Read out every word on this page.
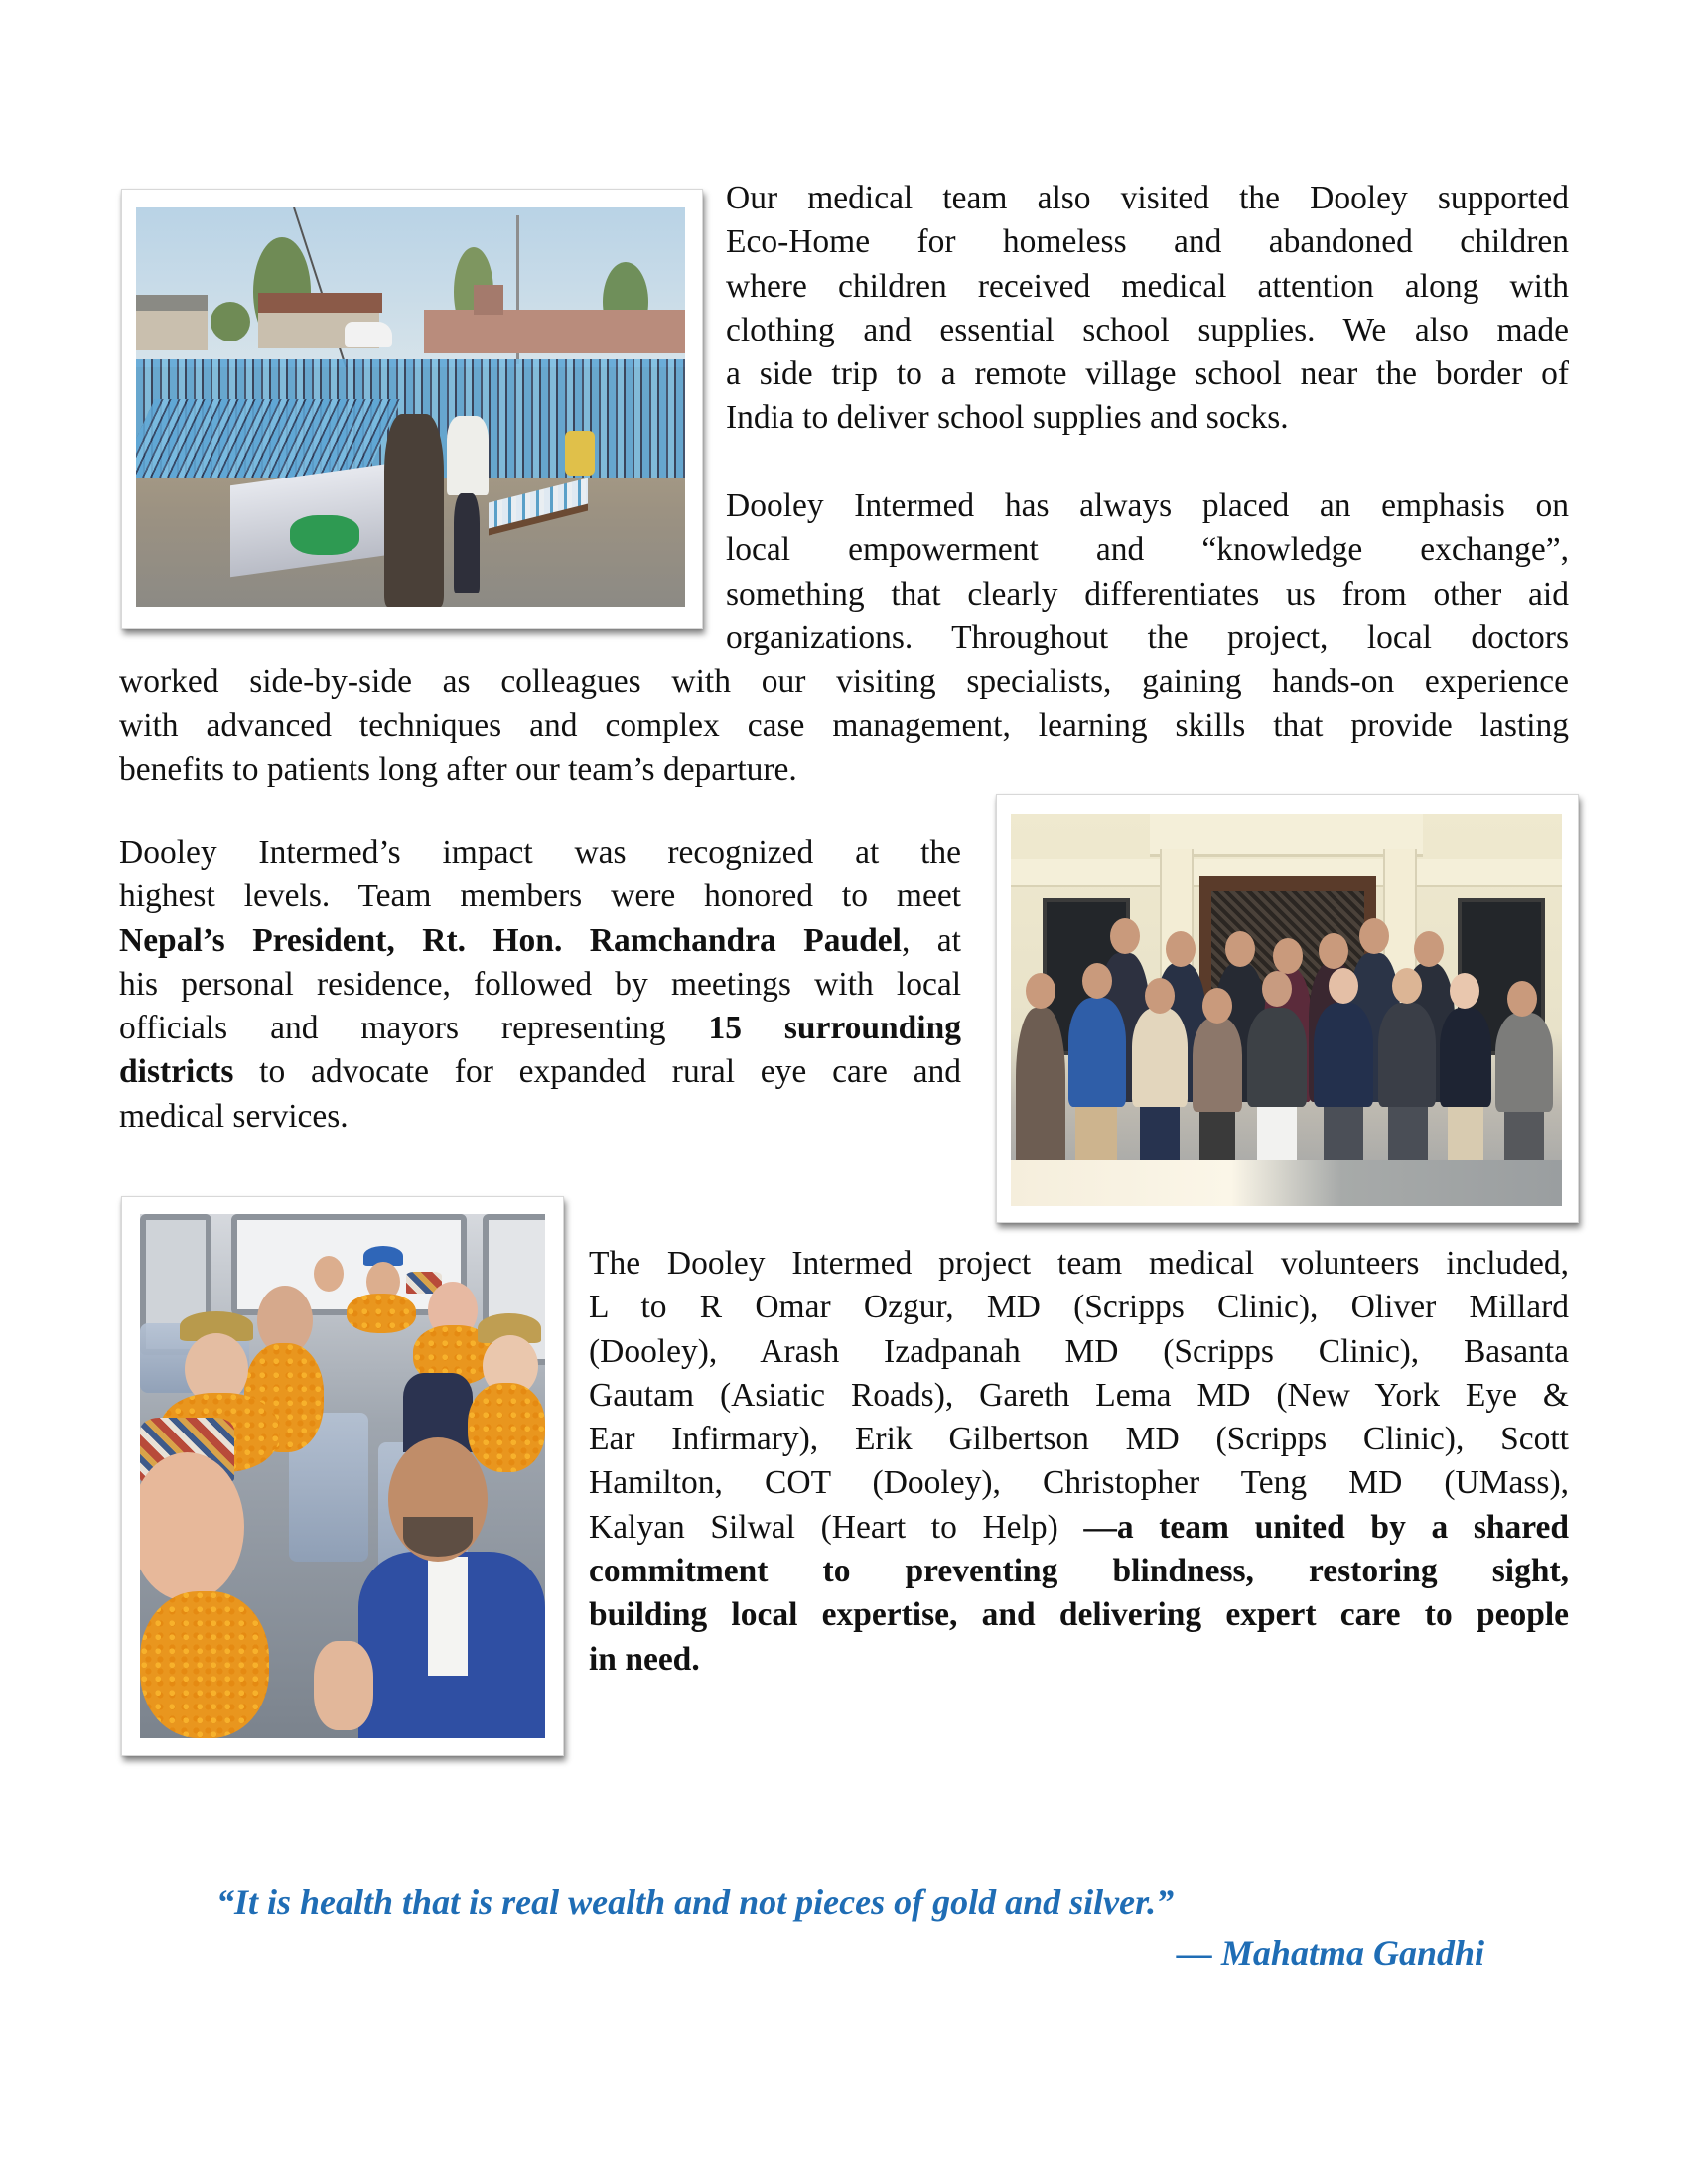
Our medical team also visited the Dooley supported
Eco-Home for homeless and abandoned children
where children received medical attention along with
clothing and essential school supplies. We also made
a side trip to a remote village school near the border of
India to deliver school supplies and socks.
Dooley Intermed has always placed an emphasis on
local empowerment and “knowledge exchange”,
something that clearly differentiates us from other aid
organizations. Throughout the project, local doctors
worked side-by-side as colleagues with our visiting specialists, gaining hands-on experience
with advanced techniques and complex case management, learning skills that provide lasting
benefits to patients long after our team’s departure.
Dooley Intermed’s impact was recognized at the
highest levels. Team members were honored to meet
Nepal’s President, Rt. Hon. Ramchandra Paudel, at
his personal residence, followed by meetings with local
officials and mayors representing 15 surrounding
districts to advocate for expanded rural eye care and
medical services.
The Dooley Intermed project team medical volunteers included,
L to R Omar Ozgur, MD (Scripps Clinic), Oliver Millard
(Dooley), Arash Izadpanah MD (Scripps Clinic), Basanta
Gautam (Asiatic Roads), Gareth Lema MD (New York Eye &
Ear Infirmary), Erik Gilbertson MD (Scripps Clinic), Scott
Hamilton, COT (Dooley), Christopher Teng MD (UMass),
Kalyan Silwal (Heart to Help) —a team united by a shared
commitment to preventing blindness, restoring sight,
building local expertise, and delivering expert care to people
in need.
“It is health that is real wealth and not pieces of gold and silver.”
— Mahatma Gandhi
